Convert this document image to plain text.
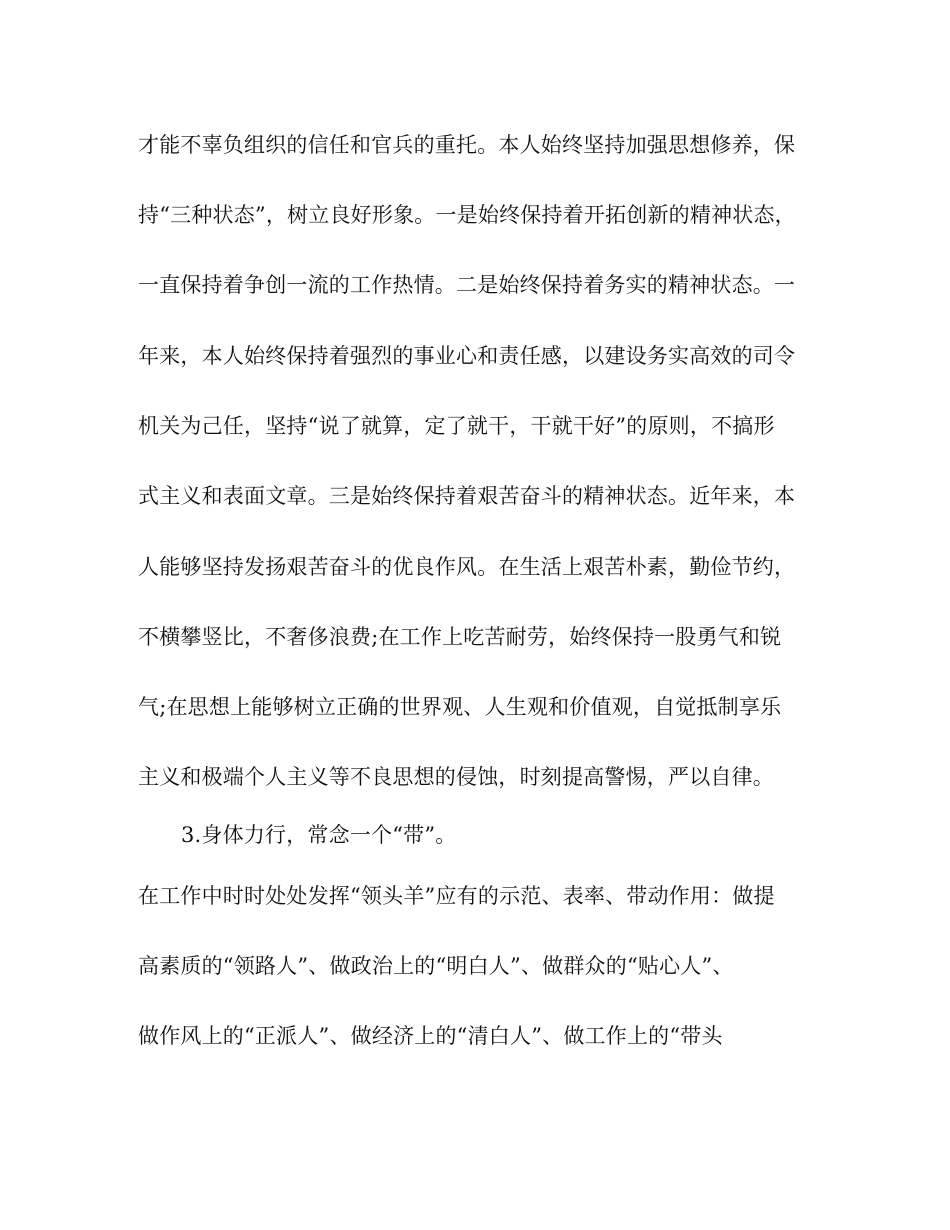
才能不辜负组织的信任和官兵的重托。本人始终坚持加强思想修养，保
持“三种状态”，树立良好形象。一是始终保持着开拓创新的精神状态，
一直保持着争创一流的工作热情。二是始终保持着务实的精神状态。一
年来，本人始终保持着强烈的事业心和责任感，以建设务实高效的司令
机关为己任，坚持“说了就算，定了就干，干就干好”的原则，不搞形
式主义和表面文章。三是始终保持着艰苦奋斗的精神状态。近年来，本
人能够坚持发扬艰苦奋斗的优良作风。在生活上艰苦朴素，勤俭节约，
不横攀竖比，不奢侈浪费;在工作上吃苦耐劳，始终保持一股勇气和锐
气;在思想上能够树立正确的世界观、人生观和价值观，自觉抵制享乐
主义和极端个人主义等不良思想的侵蚀，时刻提高警惕，严以自律。
3.身体力行，常念一个“带”。
在工作中时时处处发挥“领头羊”应有的示范、表率、带动作用：做提
高素质的“领路人”、做政治上的“明白人”、做群众的“贴心人”、
做作风上的“正派人”、做经济上的“清白人”、做工作上的“带头
